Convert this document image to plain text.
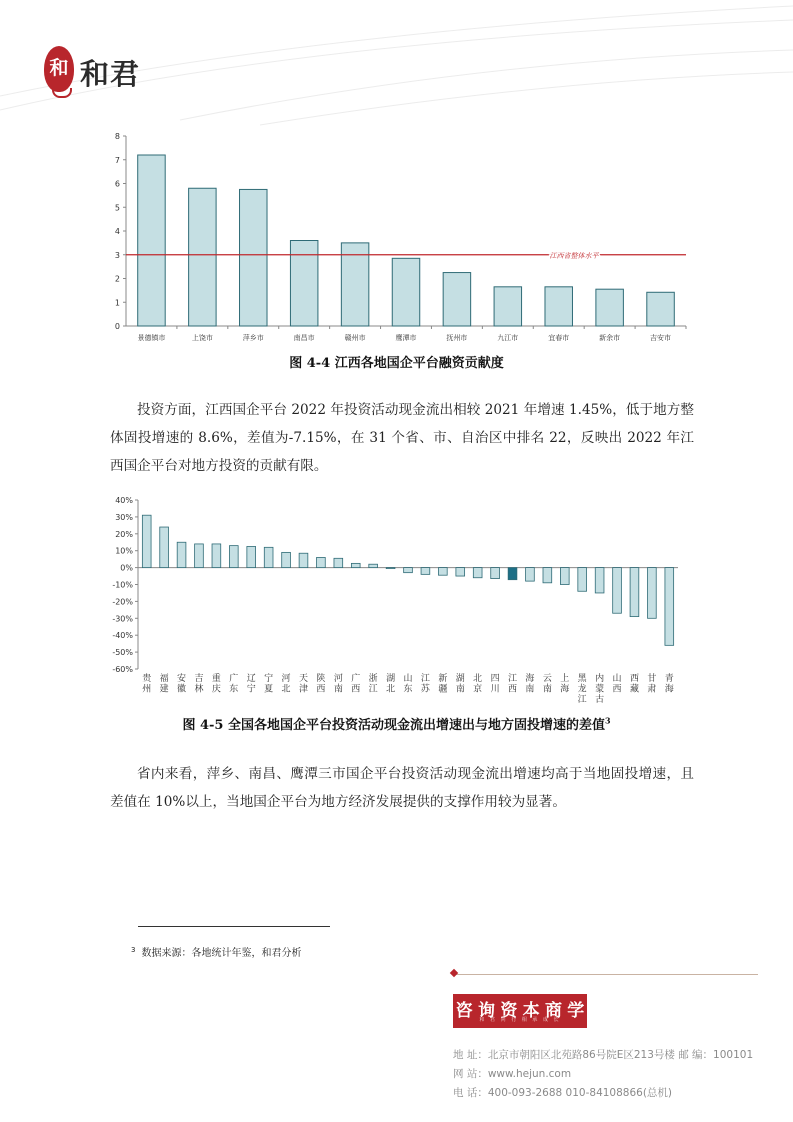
和 和君
0
1
2
3
4
5
6
7
8
景德镇市	上饶市	萍乡市	南昌市	赣州市	鹰潭市	抚州市	九江市	宜春市	新余市	吉安市
江西省整体水平
图 4-4 江西各地国企平台融资贡献度
投资方面，江西国企平台 2022 年投资活动现金流出相较 2021 年增速 1.45%，低于地方整体固投增速的 8.6%，差值为-7.15%，在 31 个省、市、自治区中排名 22，反映出 2022 年江西国企平台对地方投资的贡献有限。
40%
30%
20%
10%
0%
-10%
-20%
-30%
-40%
-50%
-60%
贵州
福建
安徽
吉林
重庆
广东
辽宁
宁夏
河北
天津
陕西
河南
广西
浙江
湖北
山东
江苏
新疆
湖南
北京
四川
江西
海南
云南
上海
黑龙江
内蒙古
山西
西藏
甘肃
青海
图 4-5 全国各地国企平台投资活动现金流出增速出与地方固投增速的差值$^3$
省内来看，萍乡、南昌、鹰潭三市国企平台投资活动现金流出增速均高于当地固投增速，且差值在 10%以上，当地国企平台为地方经济发展提供的支撑作用较为显著。
$^3$ 数据来源：各地统计年鉴，和君分析
咨 询 资 本 商 学
和 君 同 行 相 承 成 长
地 址：北京市朝阳区北苑路86号院E区213号楼 邮 编：100101
网 站：www.hejun.com
电 话：400-093-2688 010-84108866(总机)
